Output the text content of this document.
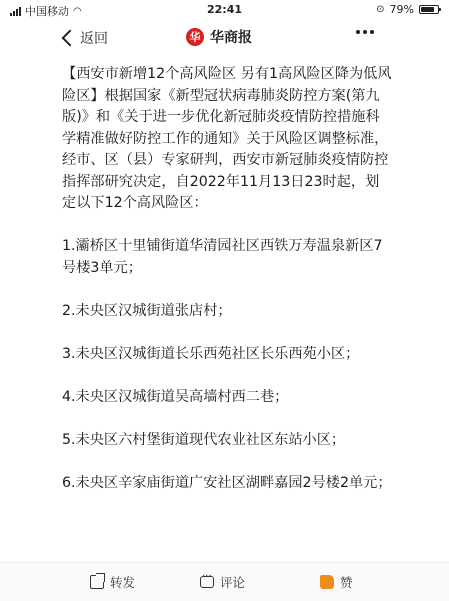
中国移动 ◠	22:41	⊙ 79%
返回	华 华商报

【西安市新增12个高风险区 另有1高风险区降为低风险区】根据国家《新型冠状病毒肺炎防控方案(第九版)》和《关于进一步优化新冠肺炎疫情防控措施科学精准做好防控工作的通知》关于风险区调整标准，经市、区（县）专家研判，西安市新冠肺炎疫情防控指挥部研究决定，自2022年11月13日23时起，划定以下12个高风险区：

1.灞桥区十里铺街道华清园社区西铁万寿温泉新区7号楼3单元；

2.未央区汉城街道张店村；

3.未央区汉城街道长乐西苑社区长乐西苑小区；

4.未央区汉城街道吴高墙村西二巷；

5.未央区六村堡街道现代农业社区东站小区；

6.未央区辛家庙街道广安社区湖畔嘉园2号楼2单元；

转发
···	评论	赞
